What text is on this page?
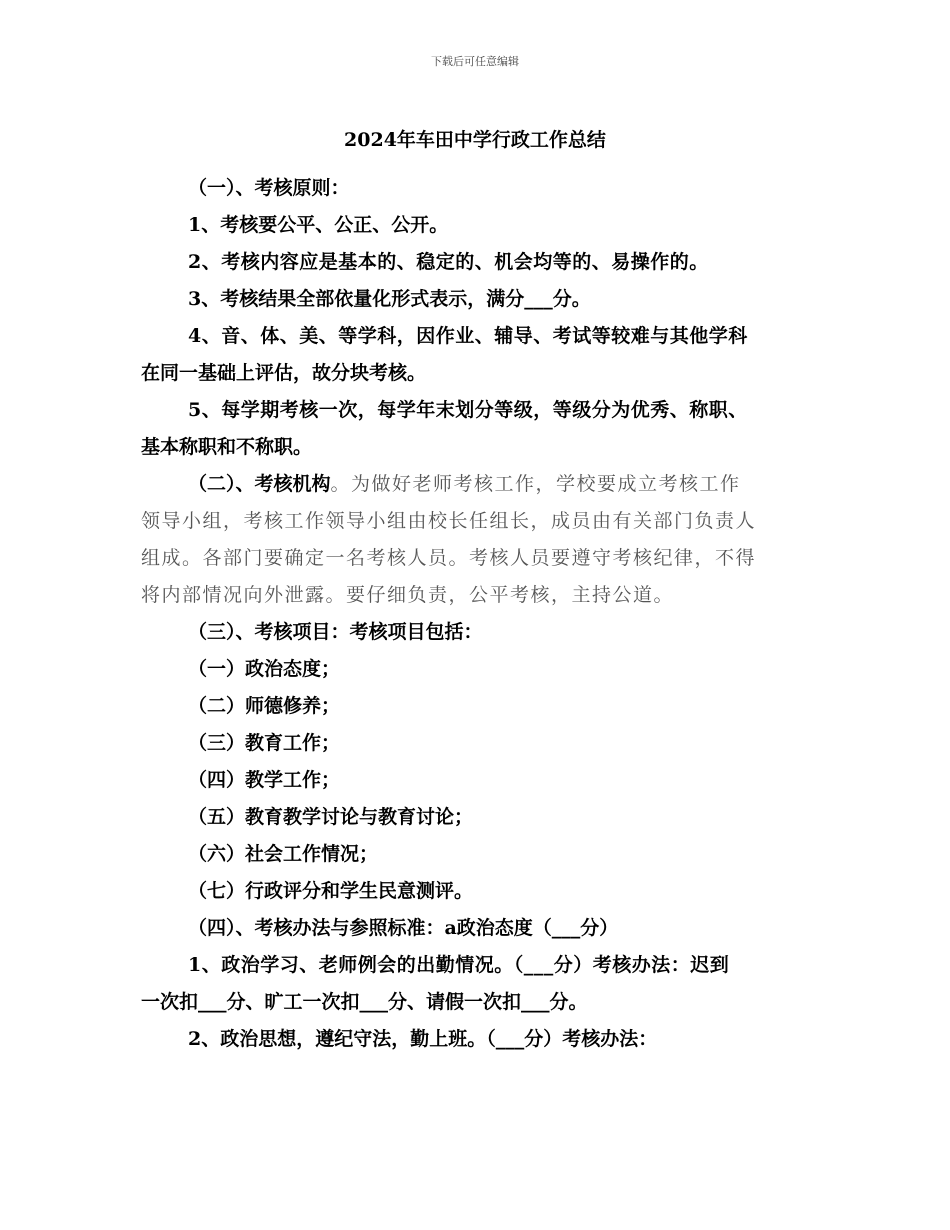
下载后可任意编辑
2024年车田中学行政工作总结
（一）、考核原则：
1、考核要公平、公正、公开。
2、考核内容应是基本的、稳定的、机会均等的、易操作的。
3、考核结果全部依量化形式表示，满分___分。
4、音、体、美、等学科，因作业、辅导、考试等较难与其他学科
在同一基础上评估，故分块考核。
5、每学期考核一次，每学年末划分等级，等级分为优秀、称职、
基本称职和不称职。
（二）、考核机构。为做好老师考核工作，学校要成立考核工作
领导小组，考核工作领导小组由校长任组长，成员由有关部门负责人
组成。各部门要确定一名考核人员。考核人员要遵守考核纪律，不得
将内部情况向外泄露。要仔细负责，公平考核，主持公道。
（三）、考核项目：考核项目包括：
（一）政治态度；
（二）师德修养；
（三）教育工作；
（四）教学工作；
（五）教育教学讨论与教育讨论；
（六）社会工作情况；
（七）行政评分和学生民意测评。
（四）、考核办法与参照标准：a政治态度（___分）
1、政治学习、老师例会的出勤情况。（___分）考核办法：迟到
一次扣___分、旷工一次扣___分、请假一次扣___分。
2、政治思想，遵纪守法，勤上班。（___分）考核办法：
